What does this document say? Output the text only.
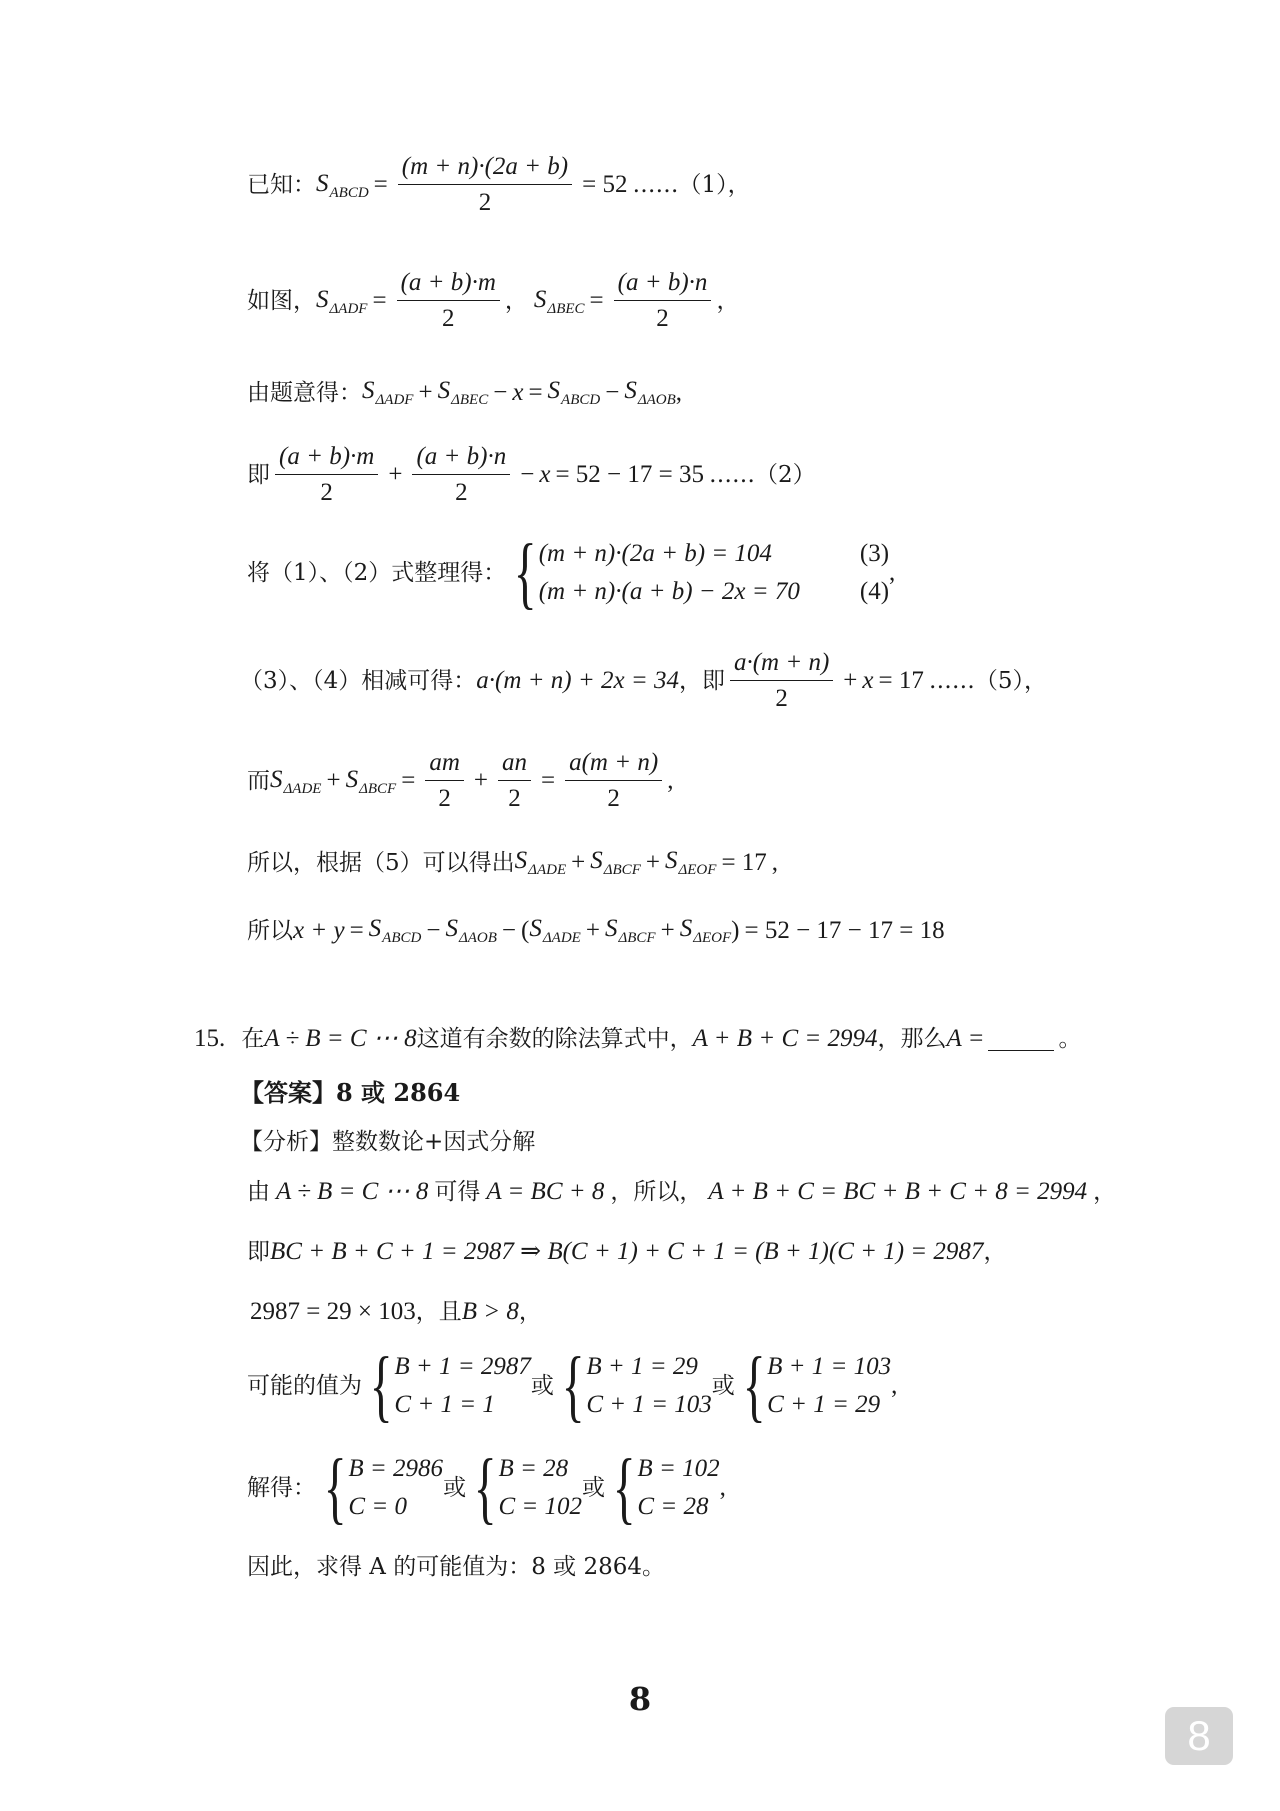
已知： $S_{ABCD} = \frac{(m + n)\cdot(2a + b)}{2} = 52$ …… （1），
如图， $S_{\Delta ADF} = \frac{(a + b)\cdot m}{2}$ ， $S_{\Delta BEC} = \frac{(a + b)\cdot n}{2}$ ，
由题意得： $S_{\Delta ADF} + S_{\Delta BEC} - x = S_{ABCD} - S_{\Delta AOB}$ ,
即 $\frac{(a + b)\cdot m}{2} + \frac{(a + b)\cdot n}{2} - x = 52 - 17 = 35$ …… （2）
将（1）、（2）式整理得： { (m + n)·(2a + b) = 104
(m + n)·(a + b) − 2x = 70
(3)
(4)
,
（3）、（4）相减可得： a·(m + n) + 2x = 34 ，即 $\frac{a\cdot(m + n)}{2} + x = 17$ …… （5），
而 $S_{\Delta ADE} + S_{\Delta BCF} = \frac{am}{2} + \frac{an}{2} = \frac{a(m + n)}{2}$ ,
所以，根据（5）可以得出 $S_{\Delta ADE} + S_{\Delta BCF} + S_{\Delta EOF} = 17$ ,
所以 $x + y = S_{ABCD} - S_{\Delta AOB}$ − ( $S_{\Delta ADE} + S_{\Delta BCF} + S_{\Delta EOF}$ ) = 52 − 17 − 17 = 18
15. 在 A ÷ B = C ⋯ 8 这道有余数的除法算式中， A + B + C = 2994 ，那么 A =	。
【答案】8 或 2864
【分析】整数数论+因式分解
由 A ÷ B = C ⋯ 8 可得 A = BC + 8 ，所以， A + B + C = BC + B + C + 8 = 2994 ，
即 BC + B + C + 1 = 2987 ⇒ B(C + 1) + C + 1 = (B + 1)(C + 1) = 2987 ，
2987 = 29 × 103 ，且 B > 8 ，
可能的值为 { B + 1 = 2987
C + 1 = 1
或 { B + 1 = 29
C + 1 = 103
或 { B + 1 = 103
C + 1 = 29
,
解得： { B = 2986
C = 0
或 { B = 28
C = 102
或 { B = 102
C = 28
,
因此，求得 A 的可能值为：8 或 2864。
8
8
